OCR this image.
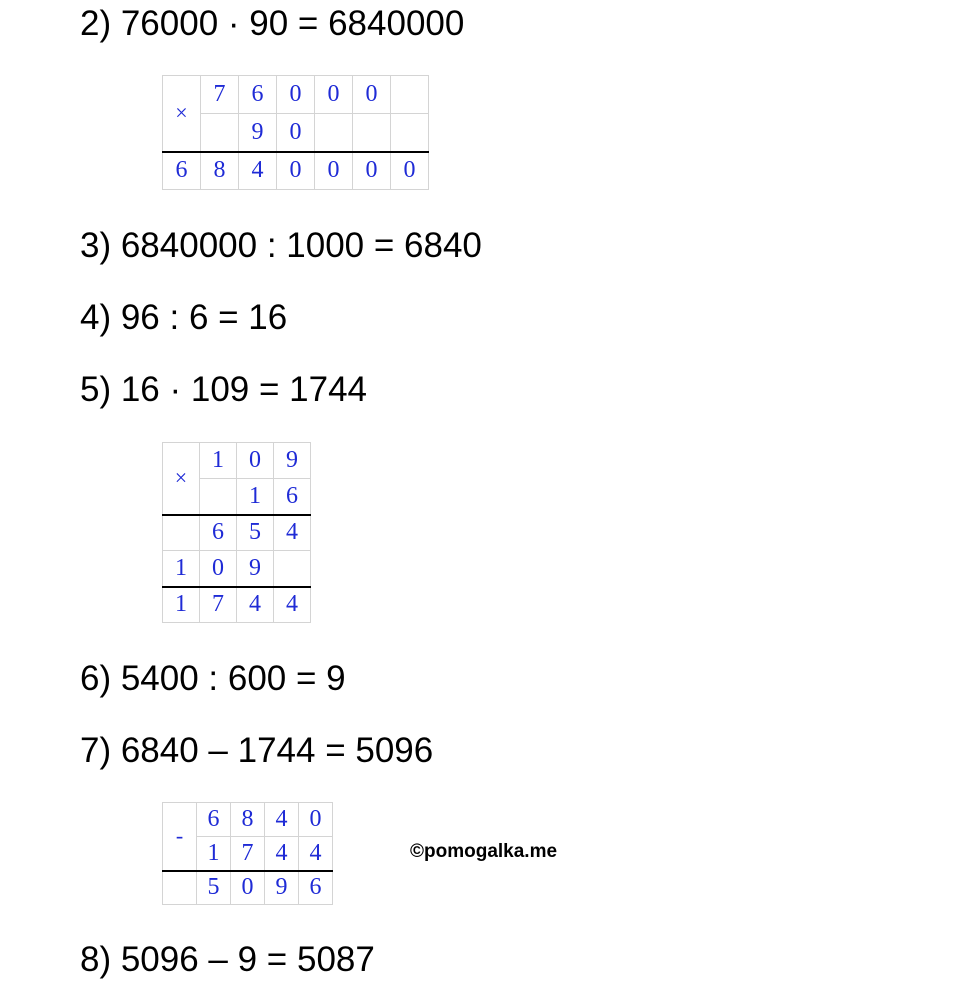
2) 76000 · 90 = 6840000
×	7	6	0	0	0	
		9	0			
6	8	4	0	0	0	0
3) 6840000 : 1000 = 6840
4) 96 : 6 = 16
5) 16 · 109 = 1744
×	1	0	9
		1	6
	6	5	4
1	0	9	
1	7	4	4
6) 5400 : 600 = 9
7) 6840 – 1744 = 5096
-	6	8	4	0
	1	7	4	4
	5	0	9	6
©pomogalka.me
8) 5096 – 9 = 5087
